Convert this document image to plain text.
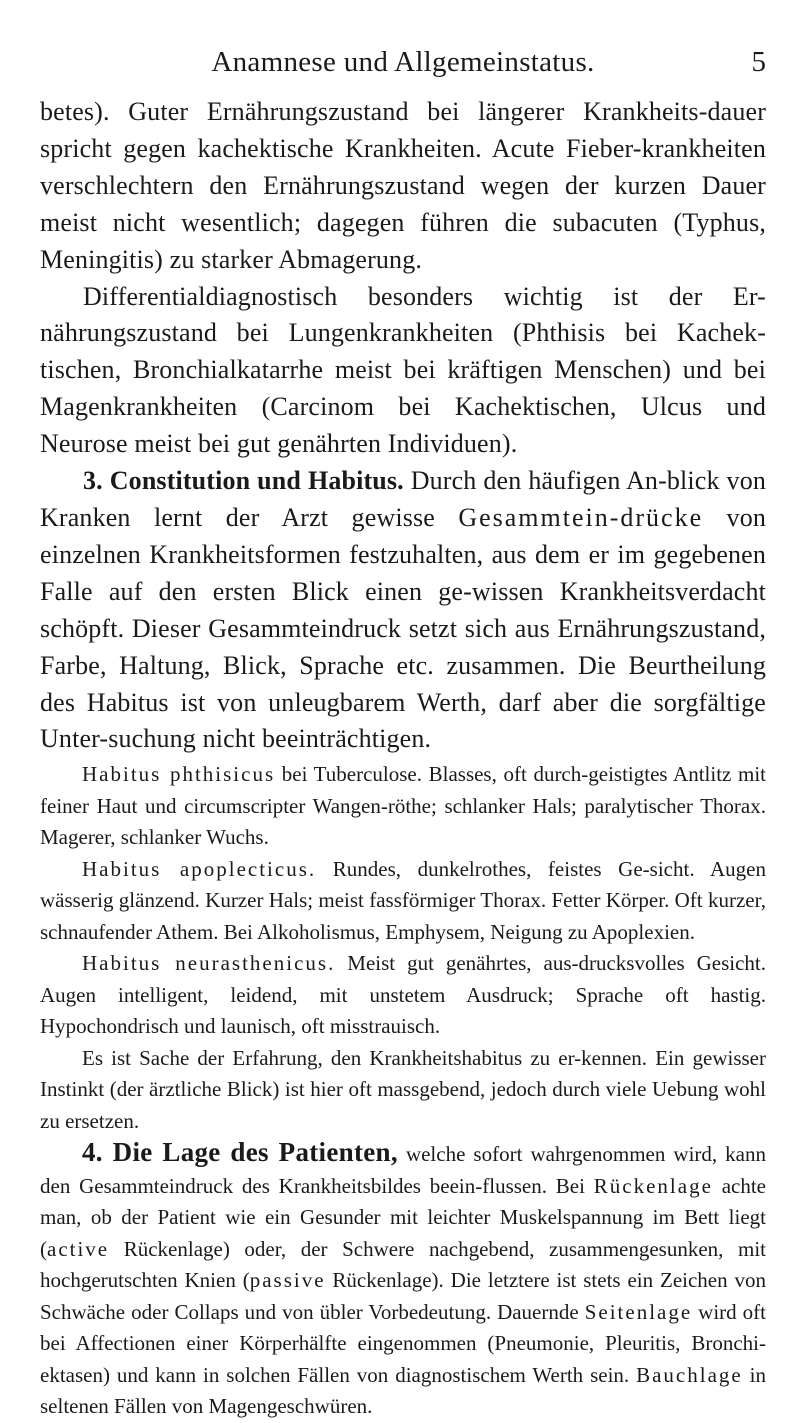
Anamnese und Allgemeinstatus.	5

betes). Guter Ernährungszustand bei längerer Krankheits-dauer spricht gegen kachektische Krankheiten. Acute Fieber-krankheiten verschlechtern den Ernährungszustand wegen der kurzen Dauer meist nicht wesentlich; dagegen führen die subacuten (Typhus, Meningitis) zu starker Abmagerung.

Differentialdiagnostisch besonders wichtig ist der Er-nährungszustand bei Lungenkrankheiten (Phthisis bei Kachek-tischen, Bronchialkatarrhe meist bei kräftigen Menschen) und bei Magenkrankheiten (Carcinom bei Kachektischen, Ulcus und Neurose meist bei gut genährten Individuen).

3. Constitution und Habitus. Durch den häufigen An-blick von Kranken lernt der Arzt gewisse Gesammtein-drücke von einzelnen Krankheitsformen festzuhalten, aus dem er im gegebenen Falle auf den ersten Blick einen ge-wissen Krankheitsverdacht schöpft. Dieser Gesammteindruck setzt sich aus Ernährungszustand, Farbe, Haltung, Blick, Sprache etc. zusammen. Die Beurtheilung des Habitus ist von unleugbarem Werth, darf aber die sorgfältige Unter-suchung nicht beeinträchtigen.

Habitus phthisicus bei Tuberculose. Blasses, oft durch-geistigtes Antlitz mit feiner Haut und circumscripter Wangen-röthe; schlanker Hals; paralytischer Thorax. Magerer, schlanker Wuchs.

Habitus apoplecticus. Rundes, dunkelrothes, feistes Ge-sicht. Augen wässerig glänzend. Kurzer Hals; meist fassförmiger Thorax. Fetter Körper. Oft kurzer, schnaufender Athem. Bei Alkoholismus, Emphysem, Neigung zu Apoplexien.

Habitus neurasthenicus. Meist gut genährtes, aus-drucksvolles Gesicht. Augen intelligent, leidend, mit unstetem Ausdruck; Sprache oft hastig. Hypochondrisch und launisch, oft misstrauisch.

Es ist Sache der Erfahrung, den Krankheitshabitus zu er-kennen. Ein gewisser Instinkt (der ärztliche Blick) ist hier oft massgebend, jedoch durch viele Uebung wohl zu ersetzen.

4. Die Lage des Patienten, welche sofort wahrgenommen wird, kann den Gesammteindruck des Krankheitsbildes beein-flussen. Bei Rückenlage achte man, ob der Patient wie ein Gesunder mit leichter Muskelspannung im Bett liegt (active Rückenlage) oder, der Schwere nachgebend, zusammengesunken, mit hochgerutschten Knien (passive Rückenlage). Die letztere ist stets ein Zeichen von Schwäche oder Collaps und von übler Vorbedeutung. Dauernde Seitenlage wird oft bei Affectionen einer Körperhälfte eingenommen (Pneumonie, Pleuritis, Bronchi-ektasen) und kann in solchen Fällen von diagnostischem Werth sein. Bauchlage in seltenen Fällen von Magengeschwüren.
